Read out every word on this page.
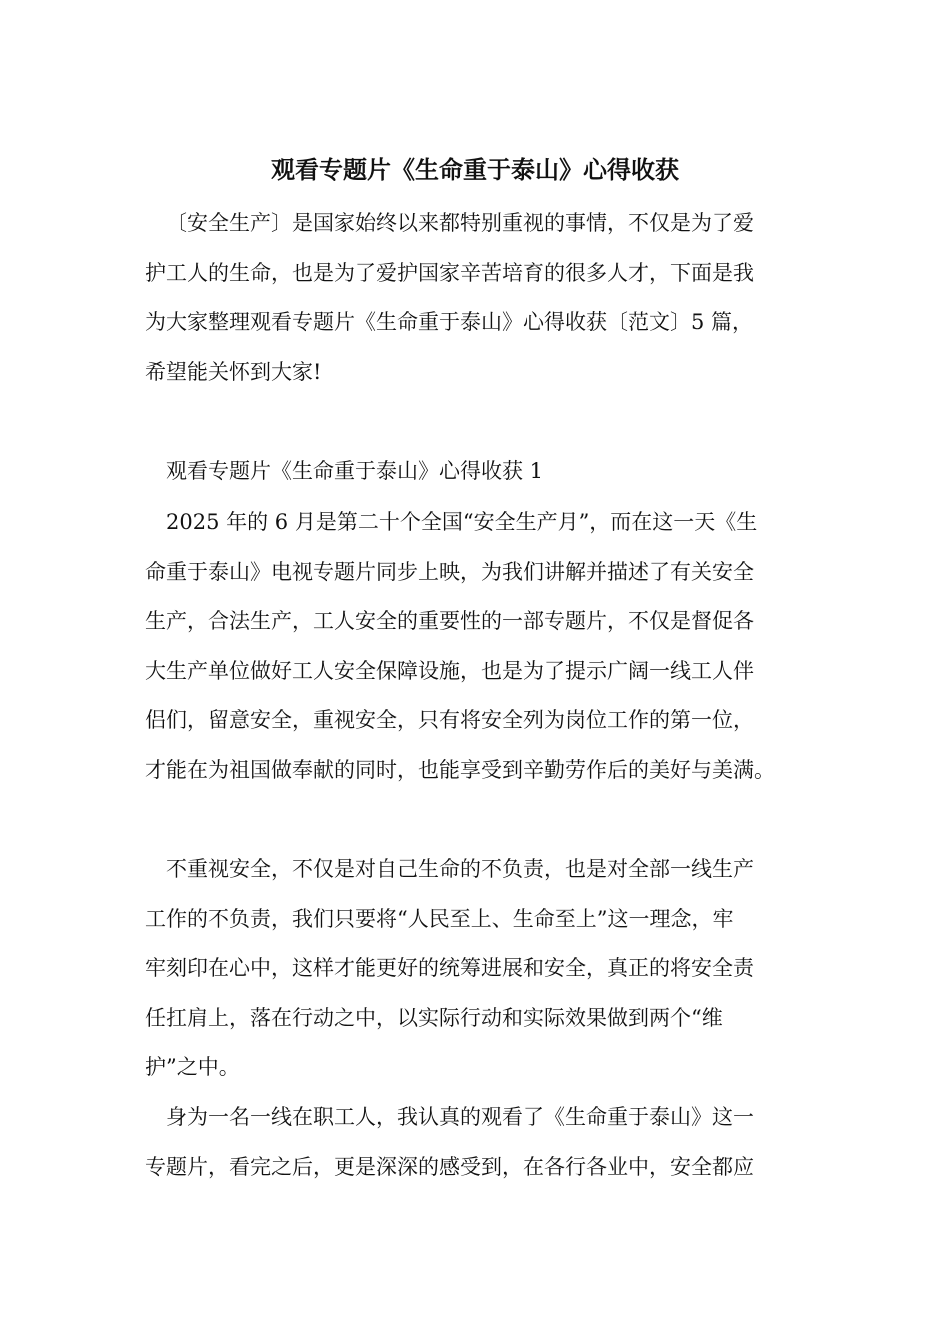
观看专题片《生命重于泰山》心得收获

〔安全生产〕是国家始终以来都特别重视的事情，不仅是为了爱

护工人的生命，也是为了爱护国家辛苦培育的很多人才，下面是我

为大家整理观看专题片《生命重于泰山》心得收获〔范文〕5 篇，

希望能关怀到大家!

观看专题片《生命重于泰山》心得收获 1

2025 年的 6 月是第二十个全国“安全生产月”，而在这一天《生

命重于泰山》电视专题片同步上映，为我们讲解并描述了有关安全

生产，合法生产，工人安全的重要性的一部专题片，不仅是督促各

大生产单位做好工人安全保障设施，也是为了提示广阔一线工人伴

侣们，留意安全，重视安全，只有将安全列为岗位工作的第一位，

才能在为祖国做奉献的同时，也能享受到辛勤劳作后的美好与美满。

不重视安全，不仅是对自己生命的不负责，也是对全部一线生产

工作的不负责，我们只要将“人民至上、生命至上”这一理念，牢

牢刻印在心中，这样才能更好的统筹进展和安全，真正的将安全责

任扛肩上，落在行动之中，以实际行动和实际效果做到两个“维

护”之中。

身为一名一线在职工人，我认真的观看了《生命重于泰山》这一

专题片，看完之后，更是深深的感受到，在各行各业中，安全都应
